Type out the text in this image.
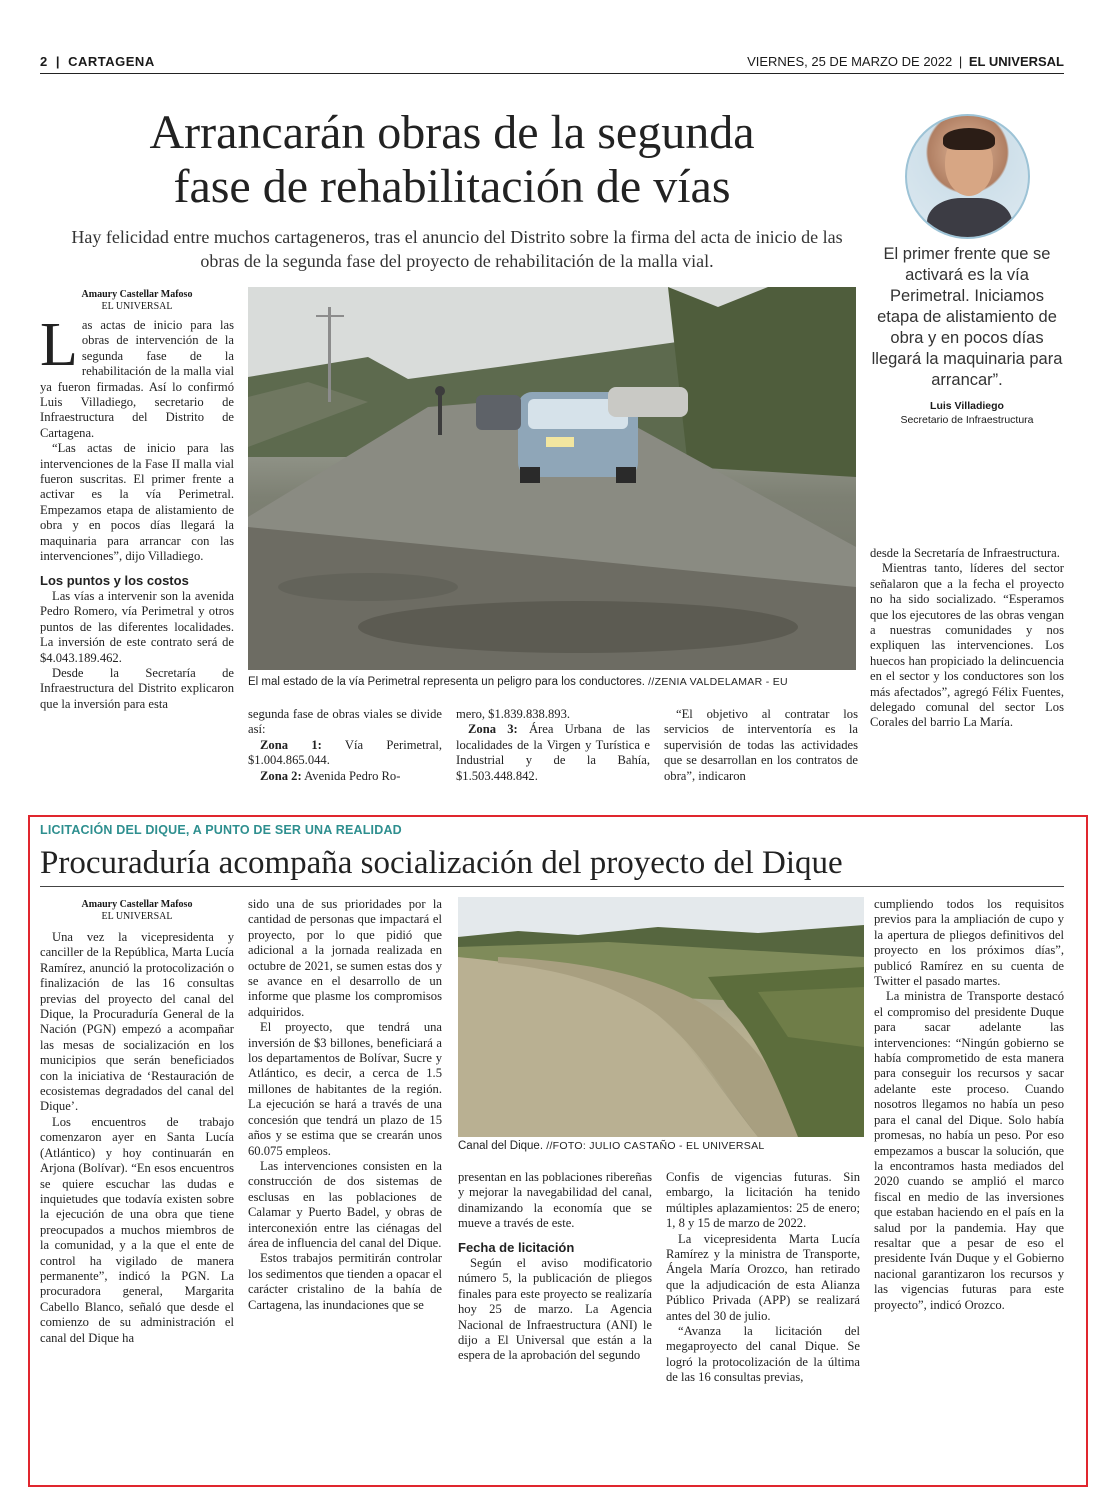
2 | CARTAGENA	VIERNES, 25 DE MARZO DE 2022 | EL UNIVERSAL
Arrancarán obras de la segunda
fase de rehabilitación de vías
Hay felicidad entre muchos cartageneros, tras el anuncio del Distrito sobre la firma del acta de inicio de las obras de la segunda fase del proyecto de rehabilitación de la malla vial.	El primer frente que se activará es la vía Perimetral. Iniciamos etapa de alistamiento de obra y en pocos días llegará la maquinaria para arrancar”.
Luis Villadiego
Secretario de Infraestructura
Amaury Castellar Mafoso
EL UNIVERSAL

Las actas de inicio para las obras de intervención de la segunda fase de la rehabilitación de la malla vial ya fueron firmadas. Así lo confirmó Luis Villadiego, secretario de Infraestructura del Distrito de Cartagena.

“Las actas de inicio para las intervenciones de la Fase II malla vial fueron suscritas. El primer frente a activar es la vía Perimetral. Empezamos etapa de alistamiento de obra y en pocos días llegará la maquinaria para arrancar con las intervenciones”, dijo Villadiego.

Los puntos y los costos

Las vías a intervenir son la avenida Pedro Romero, vía Perimetral y otros puntos de las diferentes localidades. La inversión de este contrato será de $4.043.189.462.

Desde la Secretaría de Infraestructura del Distrito explicaron que la inversión para esta

El mal estado de la vía Perimetral representa un peligro para los conductores. //ZENIA VALDELAMAR - EU

segunda fase de obras viales se divide así:

Zona 1: Vía Perimetral, $1.004.865.044.

Zona 2: Avenida Pedro Ro-

mero, $1.839.838.893.

Zona 3: Área Urbana de las localidades de la Virgen y Turística e Industrial y de la Bahía, $1.503.448.842.

“El objetivo al contratar los servicios de interventoría es la supervisión de todas las actividades que se desarrollan en los contratos de obra”, indicaron

desde la Secretaría de Infraestructura.

Mientras tanto, líderes del sector señalaron que a la fecha el proyecto no ha sido socializado. “Esperamos que los ejecutores de las obras vengan a nuestras comunidades y nos expliquen las intervenciones. Los huecos han propiciado la delincuencia en el sector y los conductores son los más afectados”, agregó Félix Fuentes, delegado comunal del sector Los Corales del barrio La María.

LICITACIÓN DEL DIQUE, A PUNTO DE SER UNA REALIDAD
Procuraduría acompaña socialización del proyecto del Dique
Amaury Castellar Mafoso
EL UNIVERSAL

Una vez la vicepresidenta y canciller de la República, Marta Lucía Ramírez, anunció la protocolización o finalización de las 16 consultas previas del proyecto del canal del Dique, la Procuraduría General de la Nación (PGN) empezó a acompañar las mesas de socialización en los municipios que serán beneficiados con la iniciativa de ‘Restauración de ecosistemas degradados del canal del Dique’.

Los encuentros de trabajo comenzaron ayer en Santa Lucía (Atlántico) y hoy continuarán en Arjona (Bolívar). “En esos encuentros se quiere escuchar las dudas e inquietudes que todavía existen sobre la ejecución de una obra que tiene preocupados a muchos miembros de la comunidad, y a la que el ente de control ha vigilado de manera permanente”, indicó la PGN. La procuradora general, Margarita Cabello Blanco, señaló que desde el comienzo de su administración el canal del Dique ha

sido una de sus prioridades por la cantidad de personas que impactará el proyecto, por lo que pidió que adicional a la jornada realizada en octubre de 2021, se sumen estas dos y se avance en el desarrollo de un informe que plasme los compromisos adquiridos.

El proyecto, que tendrá una inversión de $3 billones, beneficiará a los departamentos de Bolívar, Sucre y Atlántico, es decir, a cerca de 1.5 millones de habitantes de la región. La ejecución se hará a través de una concesión que tendrá un plazo de 15 años y se estima que se crearán unos 60.075 empleos.

Las intervenciones consisten en la construcción de dos sistemas de esclusas en las poblaciones de Calamar y Puerto Badel, y obras de interconexión entre las ciénagas del área de influencia del canal del Dique.

Estos trabajos permitirán controlar los sedimentos que tienden a opacar el carácter cristalino de la bahía de Cartagena, las inundaciones que se

Canal del Dique. //FOTO: JULIO CASTAÑO - EL UNIVERSAL

presentan en las poblaciones ribereñas y mejorar la navegabilidad del canal, dinamizando la economía que se mueve a través de este.

Fecha de licitación

Según el aviso modificatorio número 5, la publicación de pliegos finales para este proyecto se realizaría hoy 25 de marzo. La Agencia Nacional de Infraestructura (ANI) le dijo a El Universal que están a la espera de la aprobación del segundo

Confis de vigencias futuras. Sin embargo, la licitación ha tenido múltiples aplazamientos: 25 de enero; 1, 8 y 15 de marzo de 2022.

La vicepresidenta Marta Lucía Ramírez y la ministra de Transporte, Ángela María Orozco, han retirado que la adjudicación de esta Alianza Público Privada (APP) se realizará antes del 30 de julio.

“Avanza la licitación del megaproyecto del canal Dique. Se logró la protocolización de la última de las 16 consultas previas,

cumpliendo todos los requisitos previos para la ampliación de cupo y la apertura de pliegos definitivos del proyecto en los próximos días”, publicó Ramírez en su cuenta de Twitter el pasado martes.

La ministra de Transporte destacó el compromiso del presidente Duque para sacar adelante las intervenciones: “Ningún gobierno se había comprometido de esta manera para conseguir los recursos y sacar adelante este proceso. Cuando nosotros llegamos no había un peso para el canal del Dique. Solo había promesas, no había un peso. Por eso empezamos a buscar la solución, que la encontramos hasta mediados del 2020 cuando se amplió el marco fiscal en medio de las inversiones que estaban haciendo en el país en la salud por la pandemia. Hay que resaltar que a pesar de eso el presidente Iván Duque y el Gobierno nacional garantizaron los recursos y las vigencias futuras para este proyecto”, indicó Orozco.
